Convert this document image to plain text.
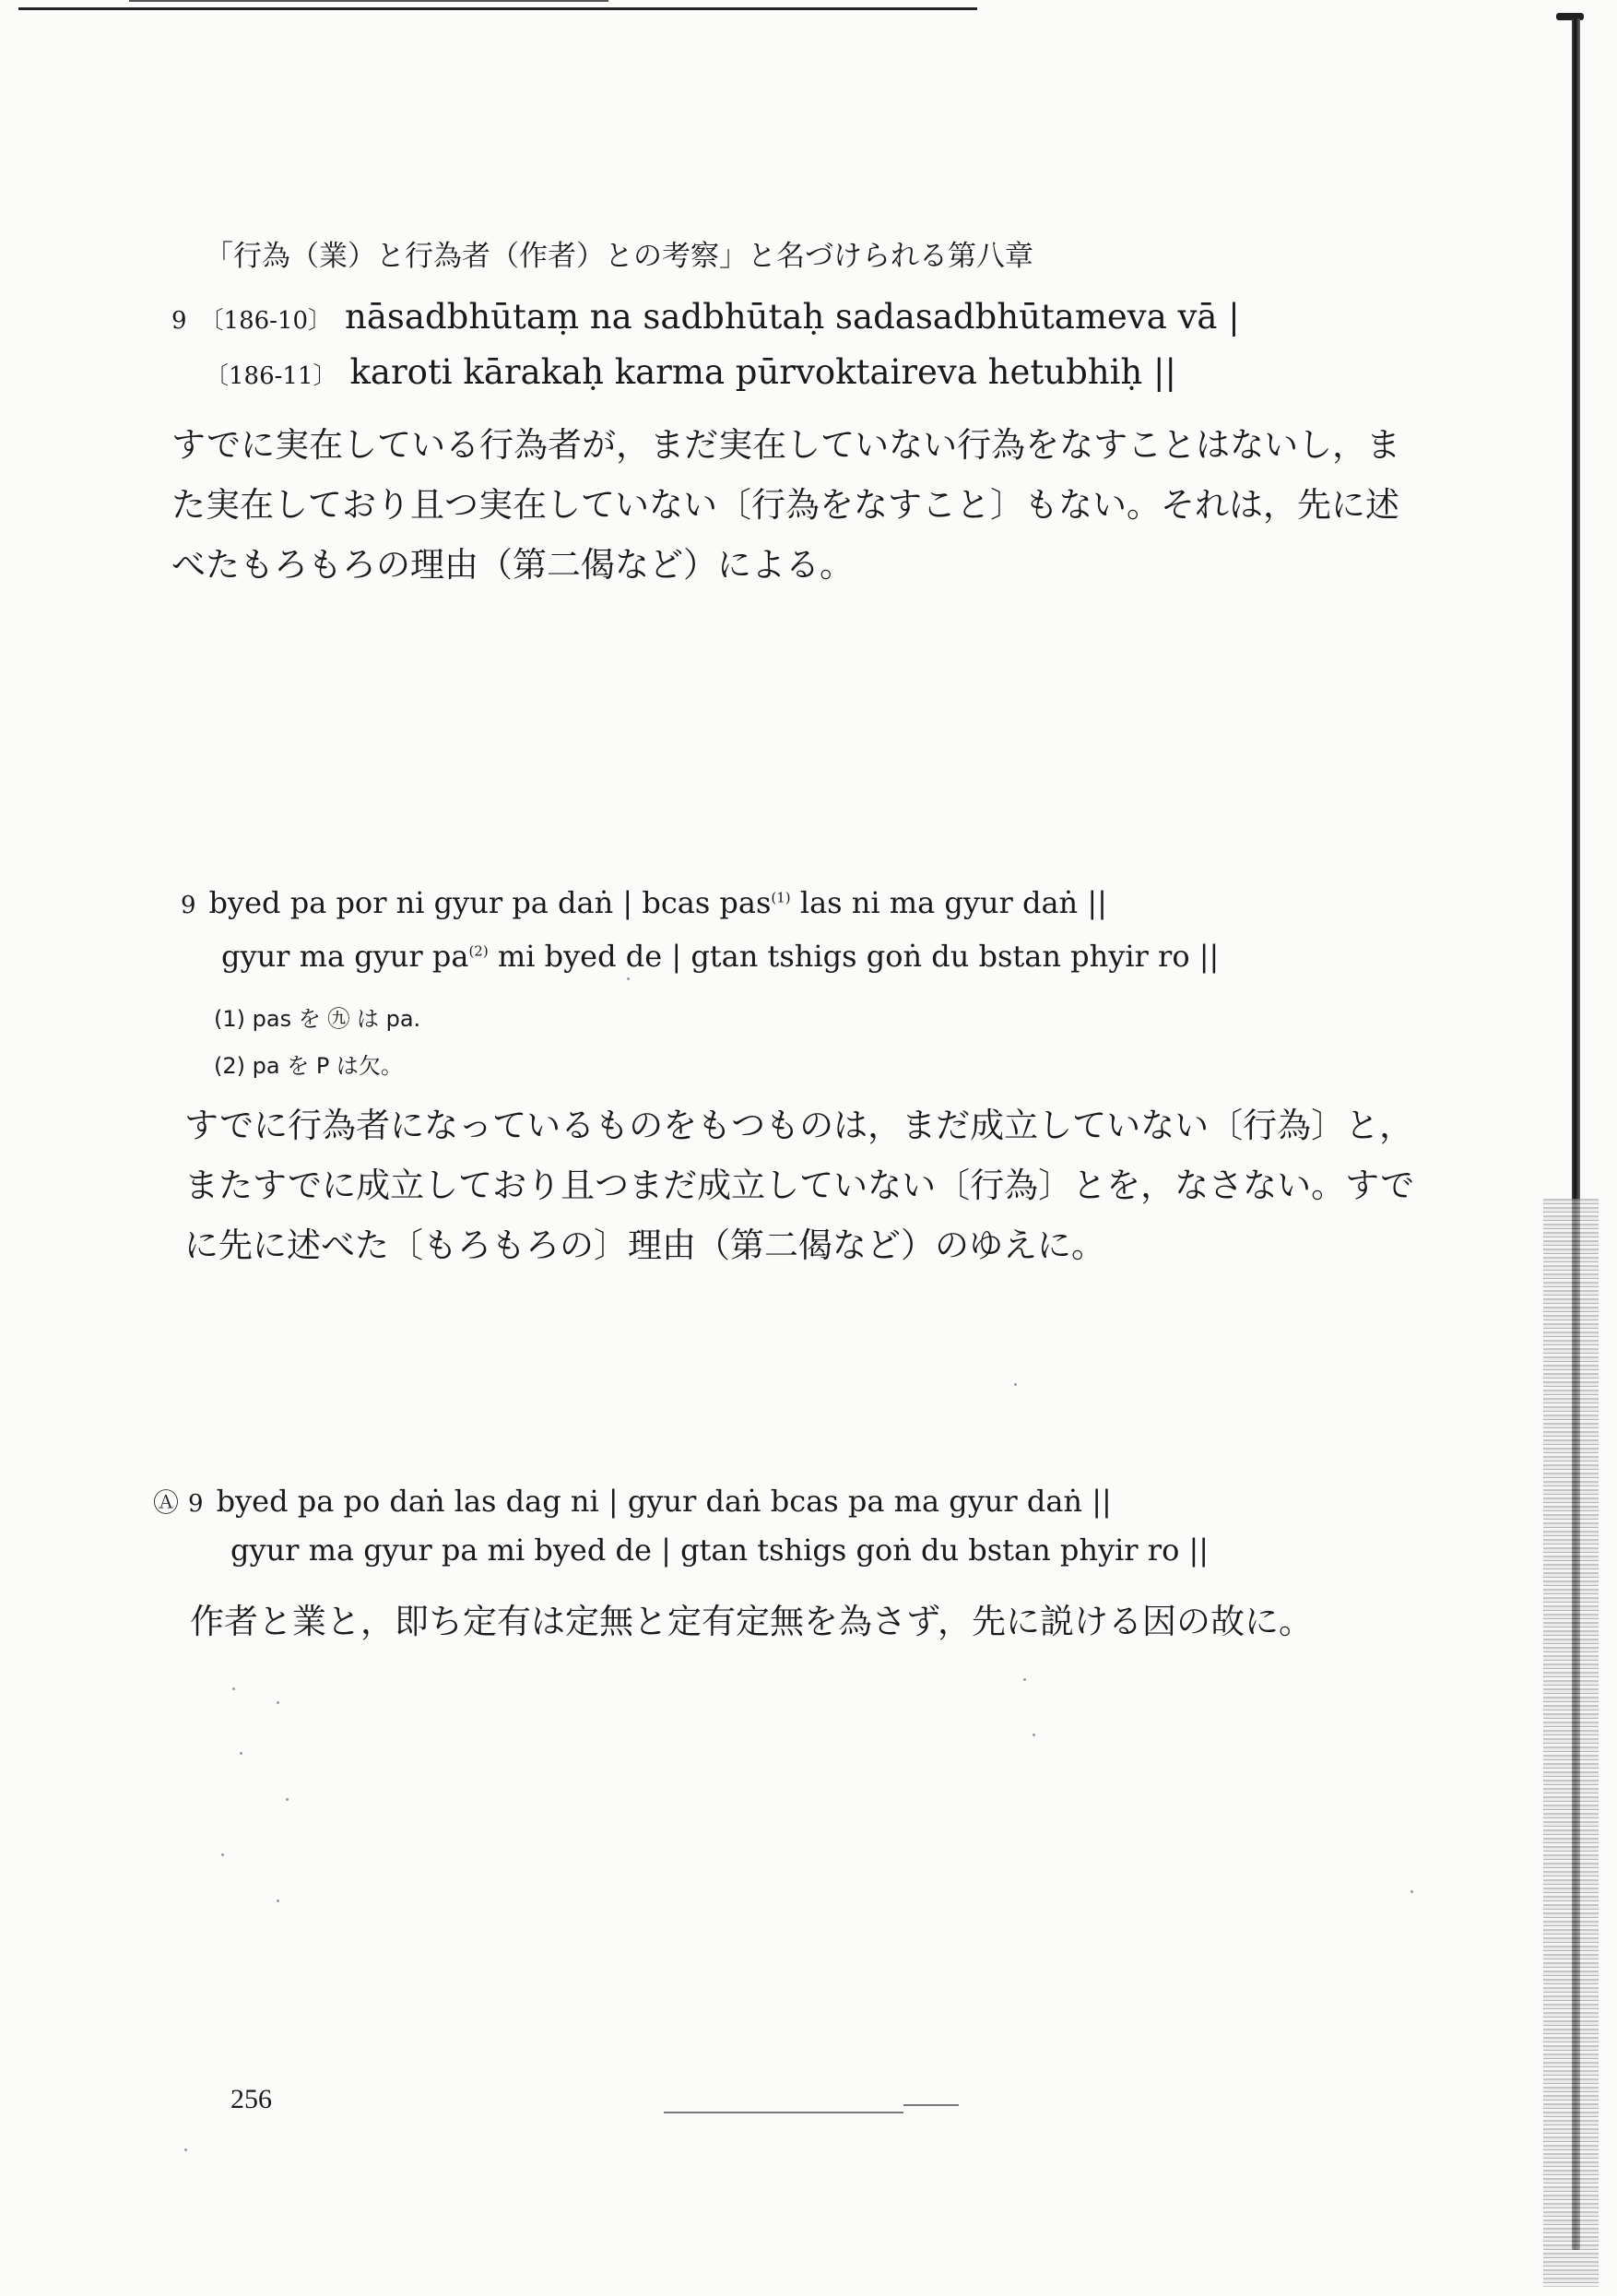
「行為（業）と行為者（作者）との考察」と名づけられる第八章
9 〔186-10〕 nāsadbhūtaṃ na sadbhūtaḥ sadasadbhūtameva vā |
〔186-11〕 karoti kārakaḥ karma pūrvoktaireva hetubhiḥ ||
すでに実在している行為者が，まだ実在していない行為をなすことはないし，ま
た実在しており且つ実在していない〔行為をなすこと〕もない。それは，先に述
べたもろもろの理由（第二偈など）による。
9 byed pa por ni gyur pa daṅ | bcas pas$^{(1)}$ las ni ma gyur daṅ ||
gyur ma gyur $pa^{(2)}$ mi byed de | gtan tshigs goṅ du bstan phyir ro ||
(1) pas を ㊈ は pa.
(2) pa を P は欠。
すでに行為者になっているものをもつものは，まだ成立していない〔行為〕と，
またすでに成立しており且つまだ成立していない〔行為〕とを，なさない。すで
に先に述べた〔もろもろの〕理由（第二偈など）のゆえに。
Ⓐ 9 byed pa po daṅ las dag ni | gyur daṅ bcas pa ma gyur daṅ ||
gyur ma gyur pa mi byed de | gtan tshigs goṅ du bstan phyir ro ||
作者と業と，即ち定有は定無と定有定無を為さず，先に説ける因の故に。
256
